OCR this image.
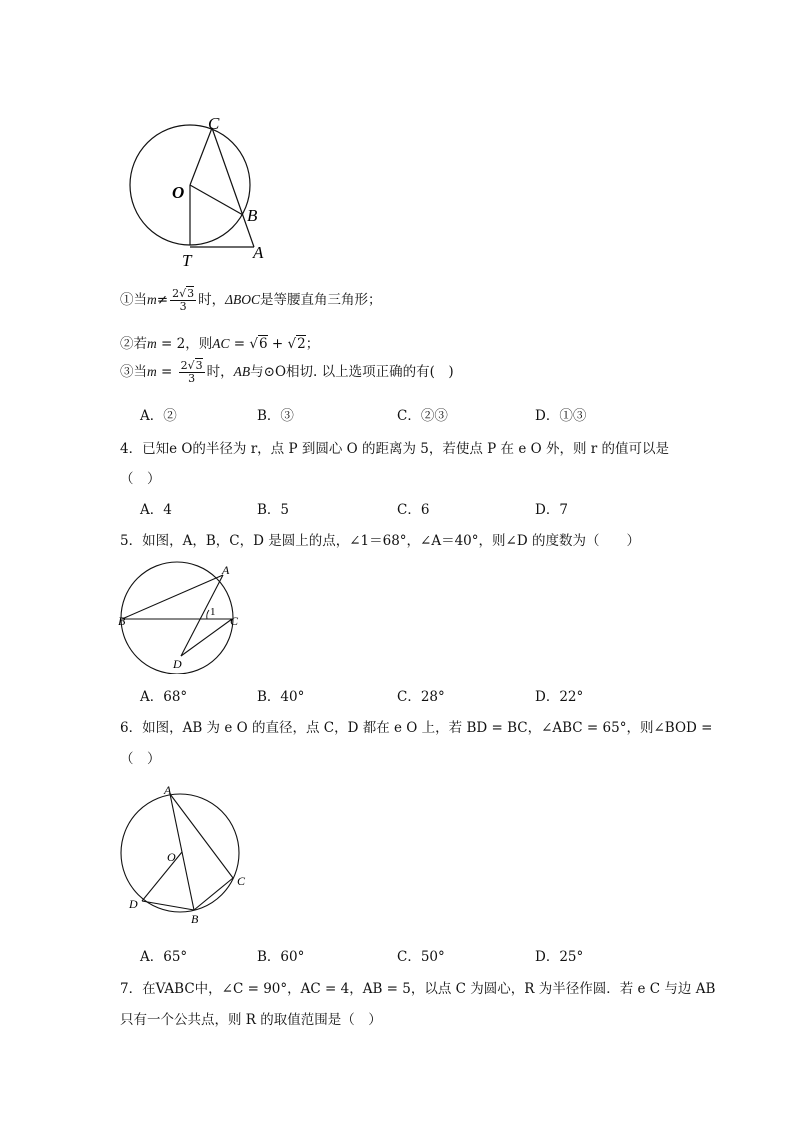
C
O
B
T	A
①当$m\ne \frac{2√3}{3}$ 时，ΔBOC是等腰直角三角形；
②若m = 2，则AC = √6 + √2；
③当$m = \frac{2√3}{3}$ 时，AB与⊙O相切. 以上选项正确的有(　)
A．②	B．③	C．②③	D．①③
4．已知e O的半径为 r，点 P 到圆心 O 的距离为 5，若使点 P 在 e O 外，则 r 的值可以是
（　）
A．4	B．5	C．6	D．7
5．如图，A，B，C，D 是圆上的点，∠1＝68°，∠A＝40°，则∠D 的度数为（　　）
A
B	C
D
1
A．68°	B．40°	C．28°	D．22°
6．如图，AB 为 e O 的直径，点 C，D 都在 e O 上，若 BD = BC，∠ABC = 65°，则∠BOD =
（　）
A
O
C
D
B
A．65°	B．60°	C．50°	D．25°
7．在VABC中，∠C = 90°，AC = 4，AB = 5，以点 C 为圆心，R 为半径作圆．若 e C 与边 AB
只有一个公共点，则 R 的取值范围是（　）
